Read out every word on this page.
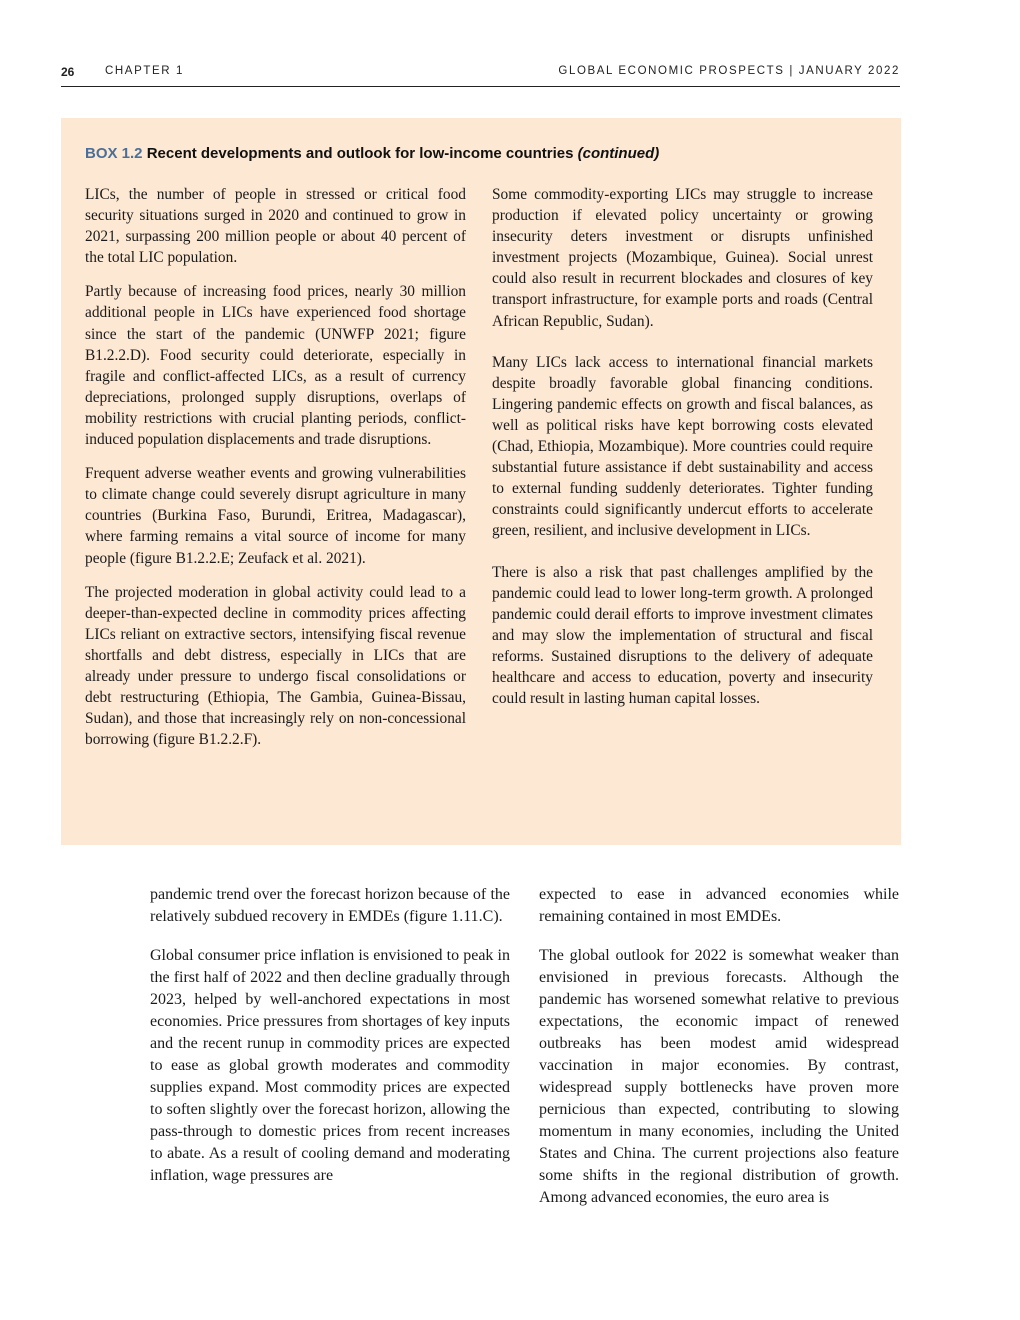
26	CHAPTER 1	GLOBAL ECONOMIC PROSPECTS | JANUARY 2022
BOX 1.2 Recent developments and outlook for low-income countries (continued)

LICs, the number of people in stressed or critical food security situations surged in 2020 and continued to grow in 2021, surpassing 200 million people or about 40 percent of the total LIC population.

Partly because of increasing food prices, nearly 30 million additional people in LICs have experienced food shortage since the start of the pandemic (UNWFP 2021; figure B1.2.2.D). Food security could deteriorate, especially in fragile and conflict-affected LICs, as a result of currency depreciations, prolonged supply disruptions, overlaps of mobility restrictions with crucial planting periods, conflict-induced population displacements and trade disruptions.

Frequent adverse weather events and growing vulnerabilities to climate change could severely disrupt agriculture in many countries (Burkina Faso, Burundi, Eritrea, Madagascar), where farming remains a vital source of income for many people (figure B1.2.2.E; Zeufack et al. 2021).

The projected moderation in global activity could lead to a deeper-than-expected decline in commodity prices affecting LICs reliant on extractive sectors, intensifying fiscal revenue shortfalls and debt distress, especially in LICs that are already under pressure to undergo fiscal consolidations or debt restructuring (Ethiopia, The Gambia, Guinea-Bissau, Sudan), and those that increasingly rely on non-concessional borrowing (figure B1.2.2.F).

Some commodity-exporting LICs may struggle to increase production if elevated policy uncertainty or growing insecurity deters investment or disrupts unfinished investment projects (Mozambique, Guinea). Social unrest could also result in recurrent blockades and closures of key transport infrastructure, for example ports and roads (Central African Republic, Sudan).

Many LICs lack access to international financial markets despite broadly favorable global financing conditions. Lingering pandemic effects on growth and fiscal balances, as well as political risks have kept borrowing costs elevated (Chad, Ethiopia, Mozambique). More countries could require substantial future assistance if debt sustainability and access to external funding suddenly deteriorates. Tighter funding constraints could significantly undercut efforts to accelerate green, resilient, and inclusive development in LICs.

There is also a risk that past challenges amplified by the pandemic could lead to lower long-term growth. A prolonged pandemic could derail efforts to improve investment climates and may slow the implementation of structural and fiscal reforms. Sustained disruptions to the delivery of adequate healthcare and access to education, poverty and insecurity could result in lasting human capital losses.

pandemic trend over the forecast horizon because of the relatively subdued recovery in EMDEs (figure 1.11.C).

Global consumer price inflation is envisioned to peak in the first half of 2022 and then decline gradually through 2023, helped by well-anchored expectations in most economies. Price pressures from shortages of key inputs and the recent runup in commodity prices are expected to ease as global growth moderates and commodity supplies expand. Most commodity prices are expected to soften slightly over the forecast horizon, allowing the pass-through to domestic prices from recent increases to abate. As a result of cooling demand and moderating inflation, wage pressures are

expected to ease in advanced economies while remaining contained in most EMDEs.

The global outlook for 2022 is somewhat weaker than envisioned in previous forecasts. Although the pandemic has worsened somewhat relative to previous expectations, the economic impact of renewed outbreaks has been modest amid widespread vaccination in major economies. By contrast, widespread supply bottlenecks have proven more pernicious than expected, contributing to slowing momentum in many economies, including the United States and China. The current projections also feature some shifts in the regional distribution of growth. Among advanced economies, the euro area is
